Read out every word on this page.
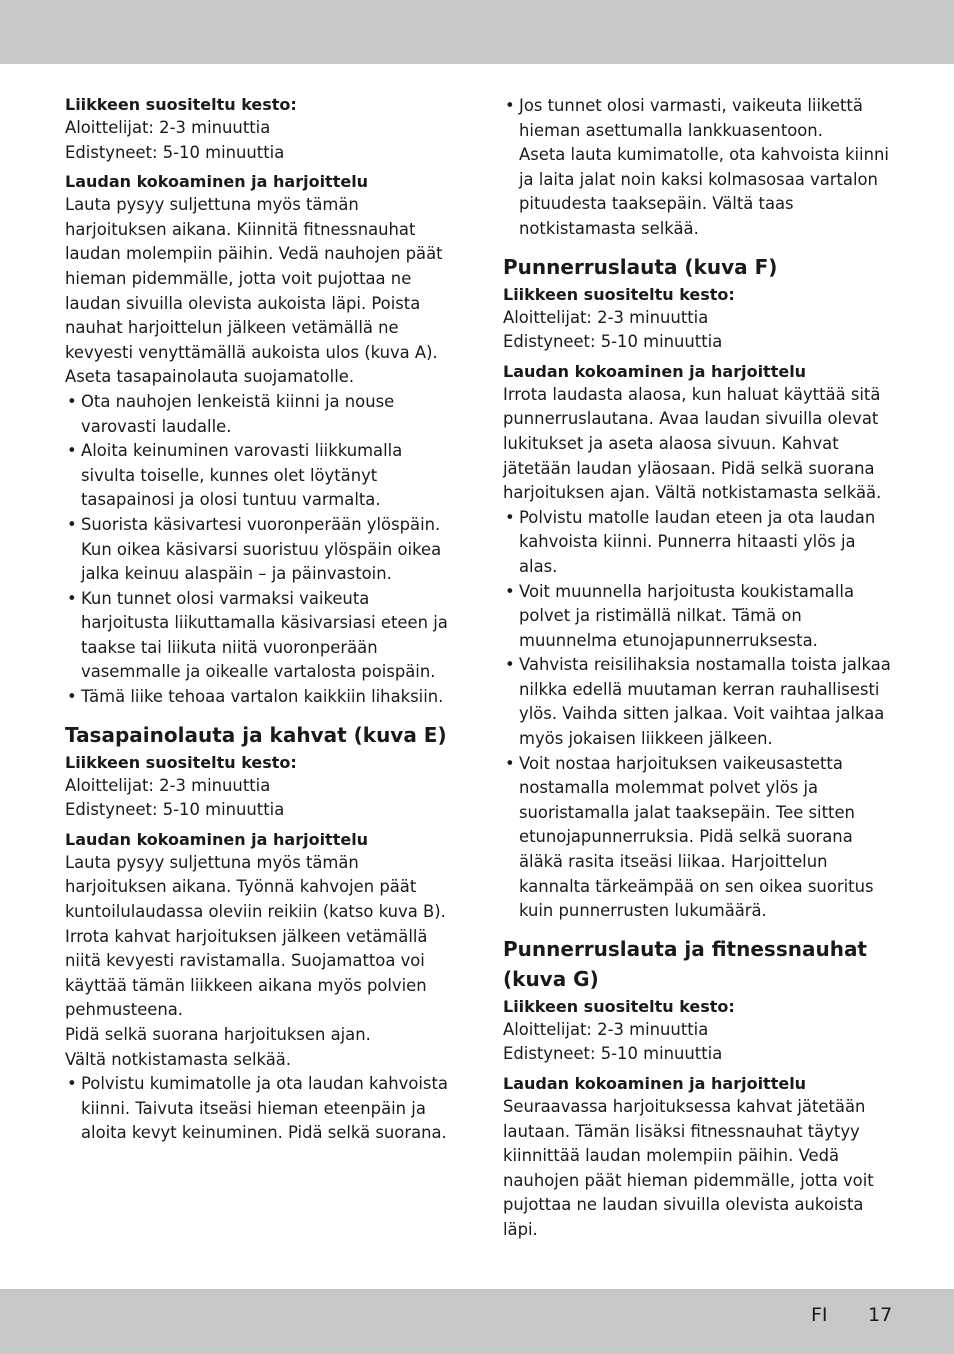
Liikkeen suositeltu kesto:

Aloittelijat: 2-3 minuuttia

Edistyneet: 5-10 minuuttia

Laudan kokoaminen ja harjoittelu

Lauta pysyy suljettuna myös tämän harjoituksen aikana. Kiinnitä fitnessnauhat laudan molempiin päihin. Vedä nauhojen päät hieman pidemmälle, jotta voit pujottaa ne laudan sivuilla olevista aukoista läpi. Poista nauhat harjoittelun jälkeen vetämällä ne kevyesti venyttämällä aukoista ulos (kuva A).

Aseta tasapainolauta suojamatolle.

• Ota nauhojen lenkeistä kiinni ja nouse varovasti laudalle.
• Aloita keinuminen varovasti liikkumalla sivulta toiselle, kunnes olet löytänyt tasapainosi ja olosi tuntuu varmalta.
• Suorista käsivartesi vuoronperään ylöspäin. Kun oikea käsivarsi suoristuu ylöspäin oikea jalka keinuu alaspäin – ja päinvastoin.
• Kun tunnet olosi varmaksi vaikeuta harjoitusta liikuttamalla käsivarsiasi eteen ja taakse tai liikuta niitä vuoronperään vasemmalle ja oikealle vartalosta poispäin.
• Tämä liike tehoaa vartalon kaikkiin lihaksiin.
Tasapainolauta ja kahvat (kuva E)
Liikkeen suositeltu kesto:

Aloittelijat: 2-3 minuuttia

Edistyneet: 5-10 minuuttia

Laudan kokoaminen ja harjoittelu

Lauta pysyy suljettuna myös tämän harjoituksen aikana. Työnnä kahvojen päät kuntoilulaudassa oleviin reikiin (katso kuva B). Irrota kahvat harjoituksen jälkeen vetämällä niitä kevyesti ravistamalla. Suojamattoa voi käyttää tämän liikkeen aikana myös polvien pehmusteena.

Pidä selkä suorana harjoituksen ajan.

Vältä notkistamasta selkää.

• Polvistu kumimatolle ja ota laudan kahvoista kiinni. Taivuta itseäsi hieman eteenpäin ja aloita kevyt keinuminen. Pidä selkä suorana.
• Jos tunnet olosi varmasti, vaikeuta liikettä hieman asettumalla lankkuasentoon.

Aseta lauta kumimatolle, ota kahvoista kiinni ja laita jalat noin kaksi kolmasosaa vartalon pituudesta taaksepäin. Vältä taas notkistamasta selkää.

Punnerruslauta (kuva F)
Liikkeen suositeltu kesto:

Aloittelijat: 2-3 minuuttia

Edistyneet: 5-10 minuuttia

Laudan kokoaminen ja harjoittelu

Irrota laudasta alaosa, kun haluat käyttää sitä punnerruslautana. Avaa laudan sivuilla olevat lukitukset ja aseta alaosa sivuun. Kahvat jätetään laudan yläosaan. Pidä selkä suorana harjoituksen ajan. Vältä notkistamasta selkää.

• Polvistu matolle laudan eteen ja ota laudan kahvoista kiinni. Punnerra hitaasti ylös ja alas.
• Voit muunnella harjoitusta koukistamalla polvet ja ristimällä nilkat. Tämä on muunnelma etunojapunnerruksesta.
• Vahvista reisilihaksia nostamalla toista jalkaa nilkka edellä muutaman kerran rauhallisesti ylös. Vaihda sitten jalkaa. Voit vaihtaa jalkaa myös jokaisen liikkeen jälkeen.
• Voit nostaa harjoituksen vaikeusastetta nostamalla molemmat polvet ylös ja suoristamalla jalat taaksepäin. Tee sitten etunojapunnerruksia. Pidä selkä suorana äläkä rasita itseäsi liikaa. Harjoittelun kannalta tärkeämpää on sen oikea suoritus kuin punnerrusten lukumäärä.
Punnerruslauta ja fitnessnauhat (kuva G)
Liikkeen suositeltu kesto:

Aloittelijat: 2-3 minuuttia

Edistyneet: 5-10 minuuttia

Laudan kokoaminen ja harjoittelu

Seuraavassa harjoituksessa kahvat jätetään lautaan. Tämän lisäksi fitnessnauhat täytyy kiinnittää laudan molempiin päihin. Vedä nauhojen päät hieman pidemmälle, jotta voit pujottaa ne laudan sivuilla olevista aukoista läpi.

FI 17
